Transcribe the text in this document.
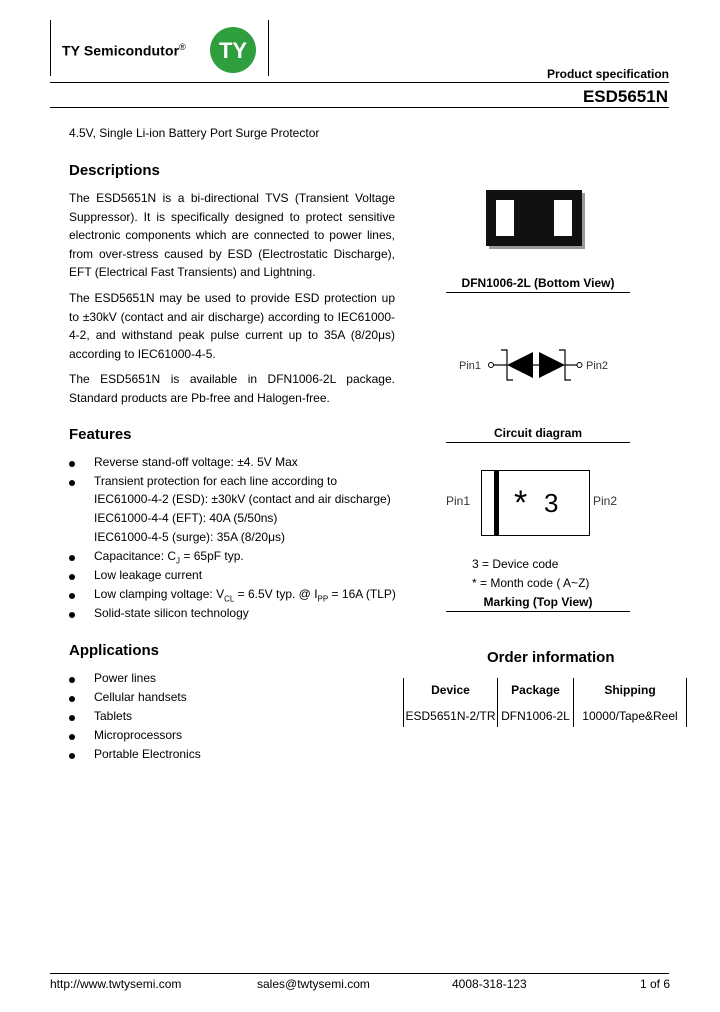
TY Semicondutor® TY
Product specification
ESD5651N
4.5V, Single Li-ion Battery Port Surge Protector
Descriptions

The ESD5651N is a bi-directional TVS (Transient Voltage Suppressor). It is specifically designed to protect sensitive electronic components which are connected to power lines, from over-stress caused by ESD (Electrostatic Discharge), EFT (Electrical Fast Transients) and Lightning.

The ESD5651N may be used to provide ESD protection up to ±30kV (contact and air discharge) according to IEC61000-4-2, and withstand peak pulse current up to 35A (8/20μs) according to IEC61000-4-5.

The ESD5651N is available in DFN1006-2L package. Standard products are Pb-free and Halogen-free.

Features
Reverse stand-off voltage: ±4. 5V Max
Transient protection for each line according to
IEC61000-4-2 (ESD): ±30kV (contact and air discharge)
IEC61000-4-4 (EFT): 40A (5/50ns)
IEC61000-4-5 (surge): 35A (8/20μs)
Capacitance: $C_J = 65pF$ typ.
Low leakage current
Low clamping voltage: $V_{CL} = 6.5V$ typ. @ $I_{PP} = 16A$ (TLP)
Solid-state silicon technology
Applications
Power lines
Cellular handsets
Tablets
Microprocessors
Portable Electronics
DFN1006-2L (Bottom View)
Pin1	Pin2
Circuit diagram
Pin1 * 3	Pin2
3 = Device code
* = Month code ( A~Z)
Marking (Top View)
Order information
Device	Package	Shipping
ESD5651N-2/TR DFN1006-2L	10000/Tape&Reel
http://www.twtysemi.com	sales@twtysemi.com	4008-318-123	1 of 6
